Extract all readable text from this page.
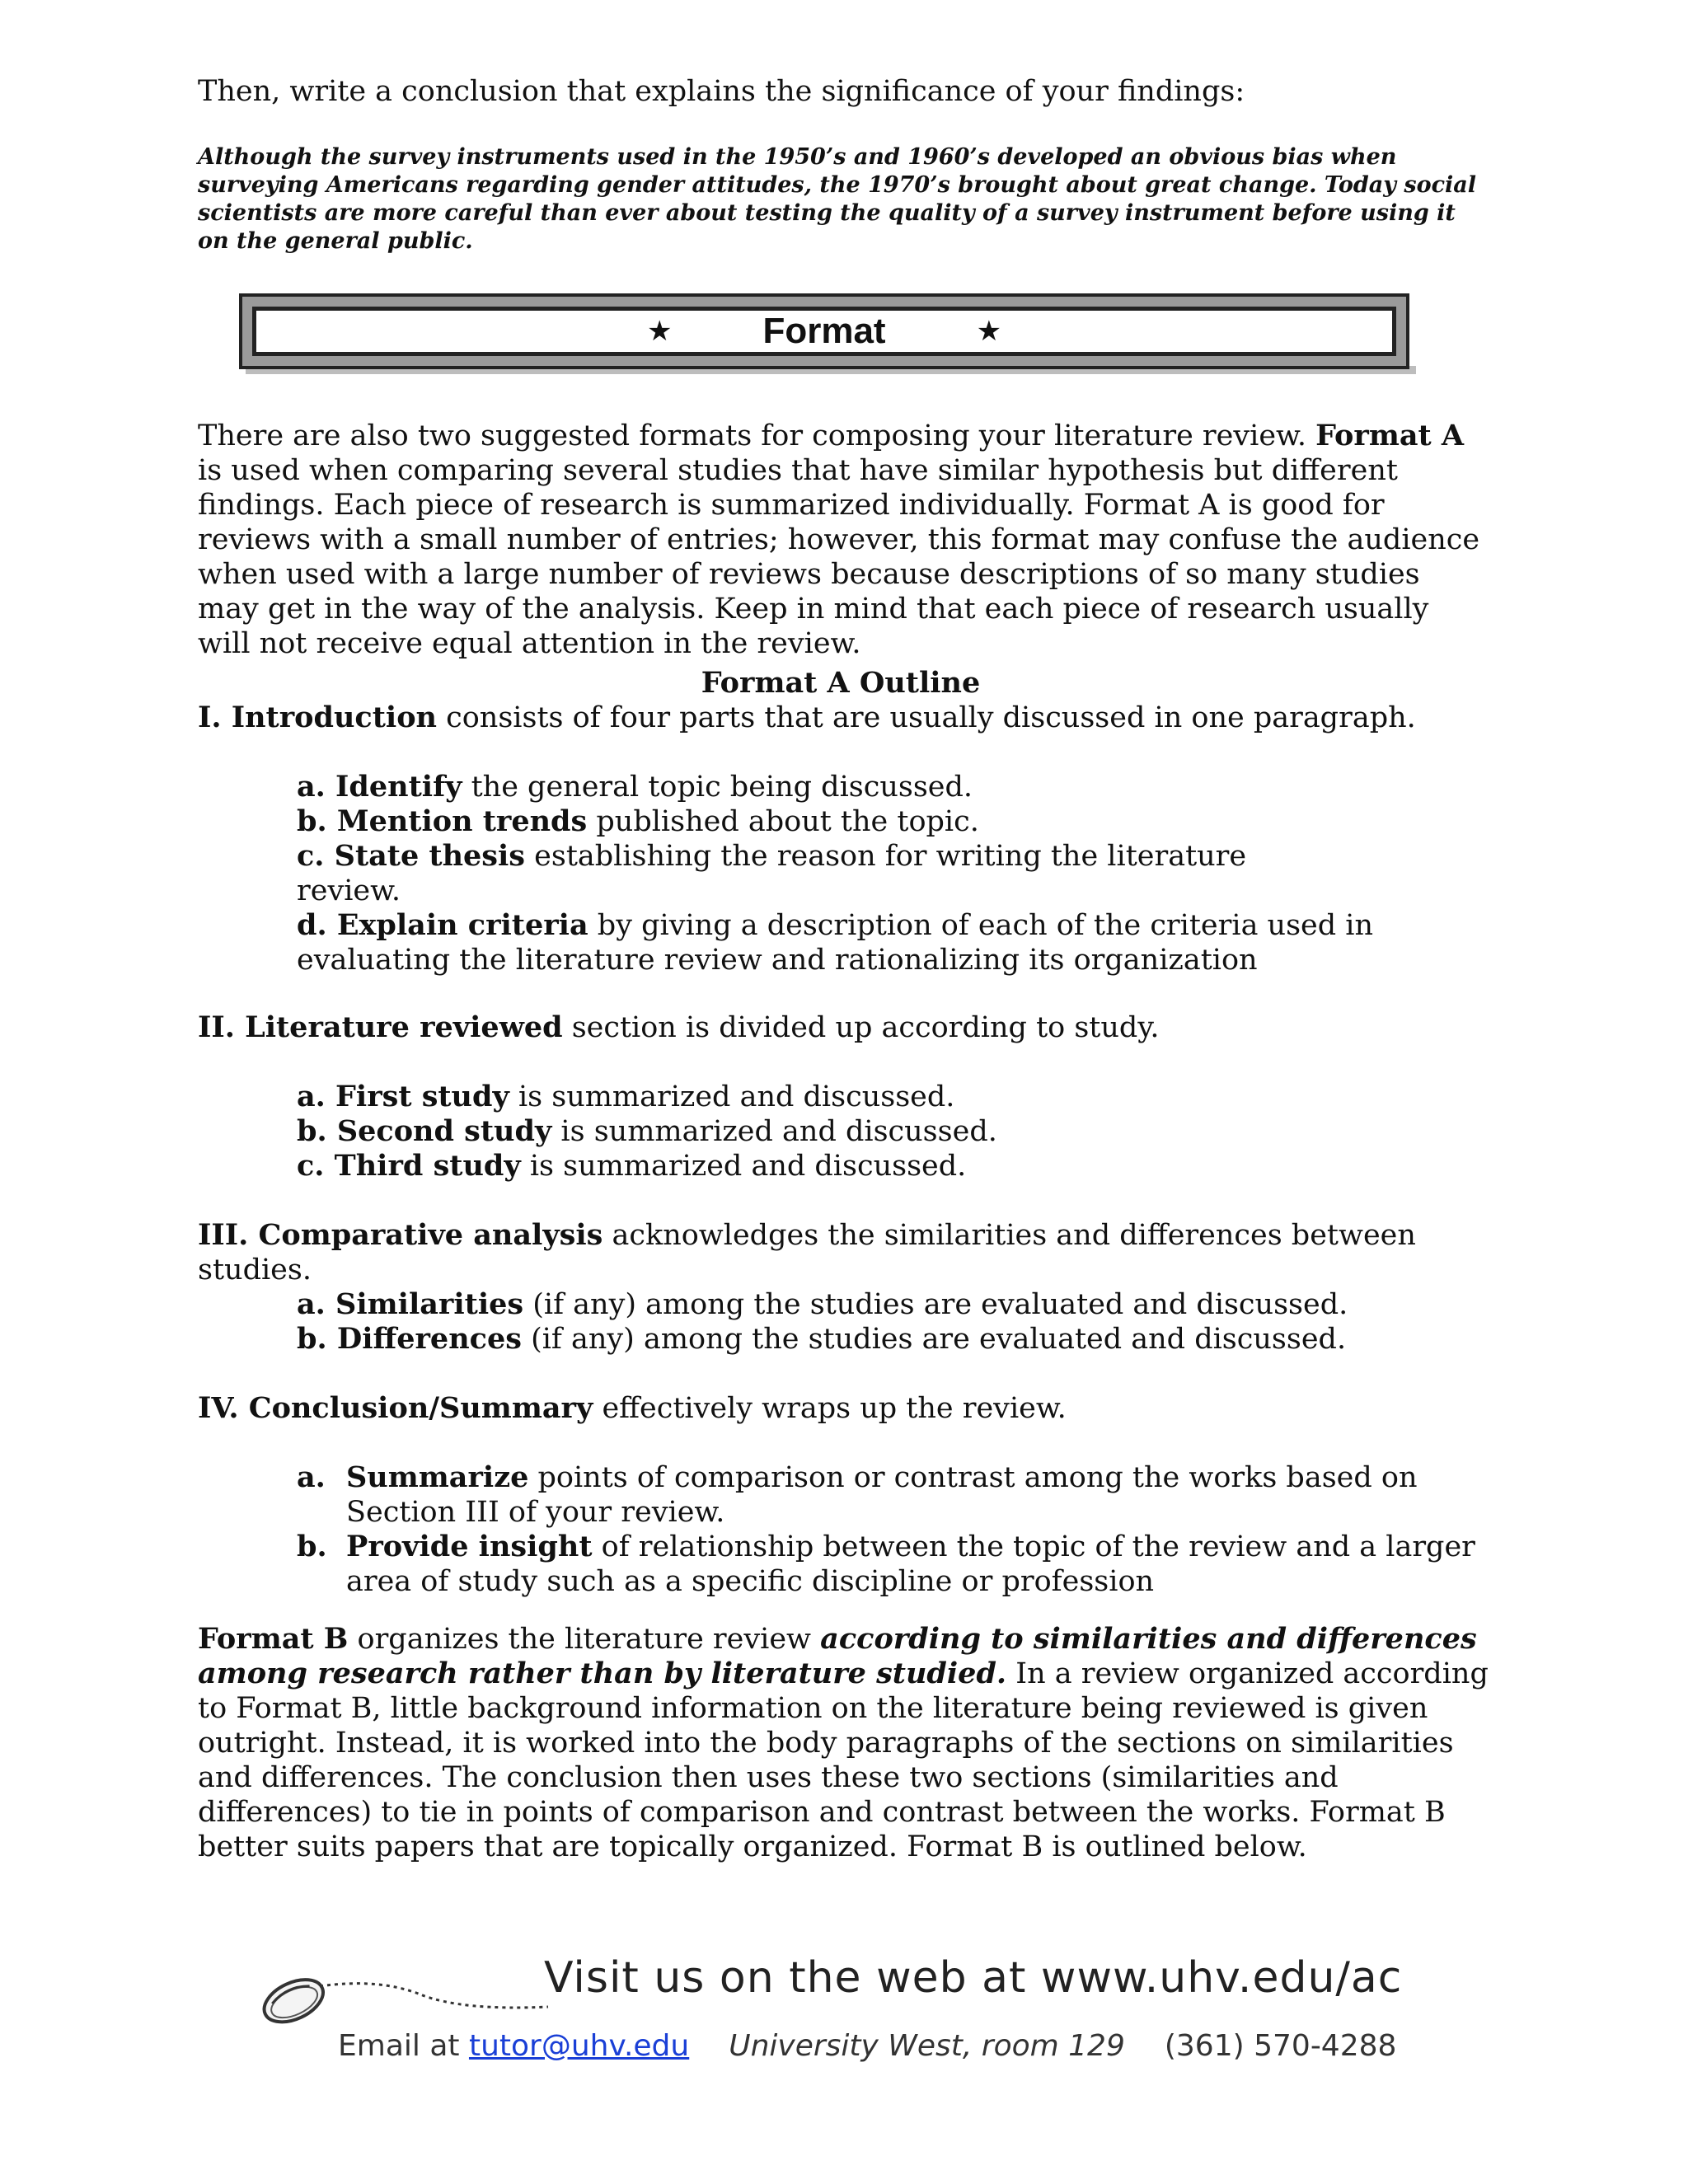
Then, write a conclusion that explains the significance of your findings:

Although the survey instruments used in the 1950’s and 1960’s developed an obvious bias when surveying Americans regarding gender attitudes, the 1970’s brought about great change. Today social scientists are more careful than ever about testing the quality of a survey instrument before using it on the general public.

★	Format	★

There are also two suggested formats for composing your literature review. Format A is used when comparing several studies that have similar hypothesis but different findings. Each piece of research is summarized individually. Format A is good for reviews with a small number of entries; however, this format may confuse the audience when used with a large number of reviews because descriptions of so many studies may get in the way of the analysis. Keep in mind that each piece of research usually will not receive equal attention in the review.

Format A Outline

I. Introduction consists of four parts that are usually discussed in one paragraph.

a. Identify the general topic being discussed.

b. Mention trends published about the topic.

c. State thesis establishing the reason for writing the literature

review.

d. Explain criteria by giving a description of each of the criteria used in evaluating the literature review and rationalizing its organization

II. Literature reviewed section is divided up according to study.

a. First study is summarized and discussed.

b. Second study is summarized and discussed.

c. Third study is summarized and discussed.

III. Comparative analysis acknowledges the similarities and differences between studies.

a. Similarities (if any) among the studies are evaluated and discussed.

b. Differences (if any) among the studies are evaluated and discussed.

IV. Conclusion/Summary effectively wraps up the review.

a. Summarize points of comparison or contrast among the works based on Section III of your review.
b. Provide insight of relationship between the topic of the review and a larger area of study such as a specific discipline or profession

Format B organizes the literature review according to similarities and differences among research rather than by literature studied. In a review organized according to Format B, little background information on the literature being reviewed is given outright. Instead, it is worked into the body paragraphs of the sections on similarities and differences. The conclusion then uses these two sections (similarities and differences) to tie in points of comparison and contrast between the works. Format B better suits papers that are topically organized. Format B is outlined below.

Visit us on the web at www.uhv.edu/ac
Email at tutor@uhv.edu University West, room 129 (361) 570-4288
